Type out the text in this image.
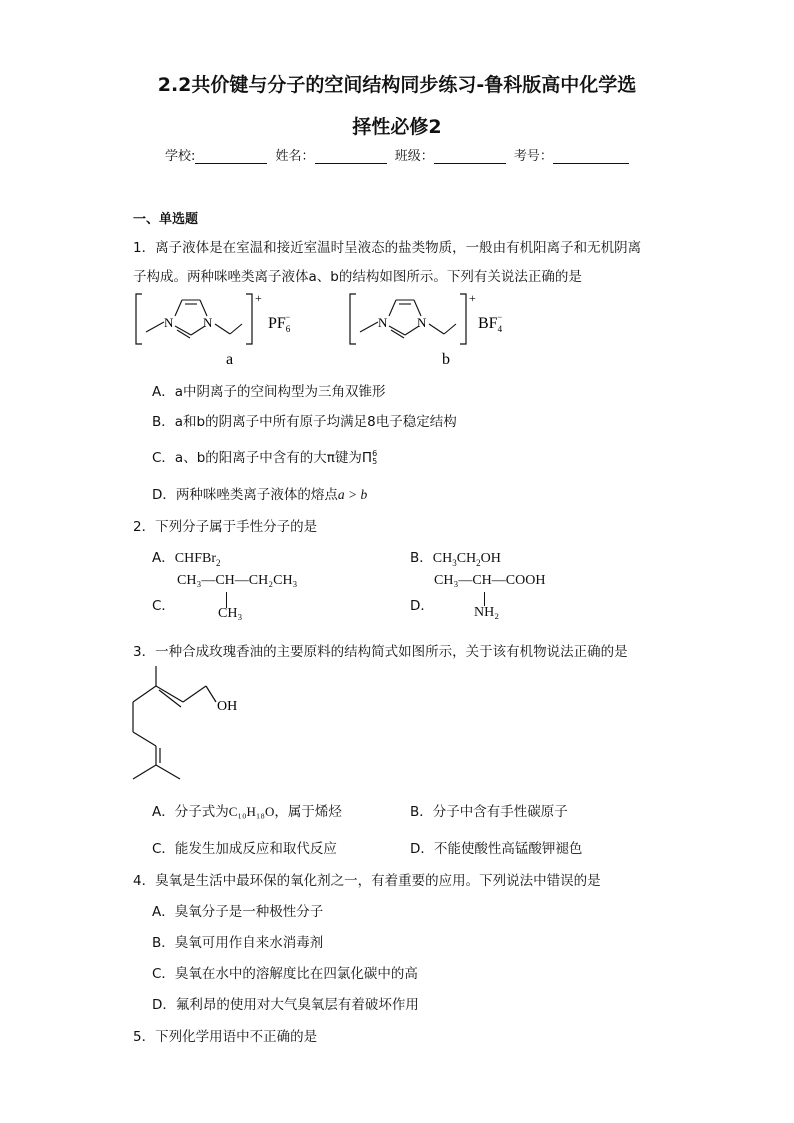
2.2共价键与分子的空间结构同步练习-鲁科版高中化学选
择性必修2
学校:	姓名：	班级：	考号：
一、单选题
1．离子液体是在室温和接近室温时呈液态的盐类物质，一般由有机阳离子和无机阴离
子构成。两种咪唑类离子液体a、b的结构如图所示。下列有关说法正确的是
+
N N	$PF_6-$
a
+
N N	$BF_4-$
b
A．a中阴离子的空间构型为三角双锥形
B．a和b的阴离子中所有原子均满足8电子稳定结构
C．a、b的阳离子中含有的大π键为Π 6
5
D．两种咪唑类离子液体的熔点a > b
2．下列分子属于手性分子的是
A．CHFBr$_2$	B．$CH_3CH_2OH$
C．
CH₃—CH—CH₂CH₃
CH₃	D．
CH₃—CH—COOH
NH₂
3．一种合成玫瑰香油的主要原料的结构简式如图所示，关于该有机物说法正确的是
OH
A．分子式为C₁₀H₁₈O，属于烯烃	B．分子中含有手性碳原子
C．能发生加成反应和取代反应	D．不能使酸性高锰酸钾褪色
4．臭氧是生活中最环保的氧化剂之一，有着重要的应用。下列说法中错误的是
A．臭氧分子是一种极性分子
B．臭氧可用作自来水消毒剂
C．臭氧在水中的溶解度比在四氯化碳中的高
D．氟利昂的使用对大气臭氧层有着破坏作用
5．下列化学用语中不正确的是
